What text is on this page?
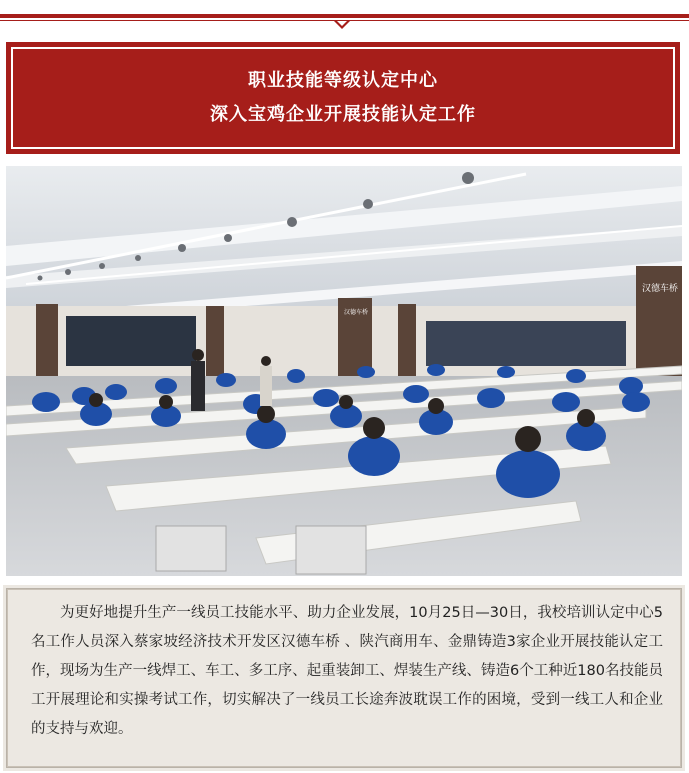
职业技能等级认定中心
深入宝鸡企业开展技能认定工作
汉德车桥
汉德车桥
为更好地提升生产一线员工技能水平、助力企业发展，10月25日—30日，我校培训认定中心5名工作人员深入蔡家坡经济技术开发区汉德车桥 、陕汽商用车、金鼎铸造3家企业开展技能认定工作，现场为生产一线焊工、车工、多工序、起重装卸工、焊装生产线、铸造6个工种近180名技能员工开展理论和实操考试工作，切实解决了一线员工长途奔波耽误工作的困境，受到一线工人和企业的支持与欢迎。
